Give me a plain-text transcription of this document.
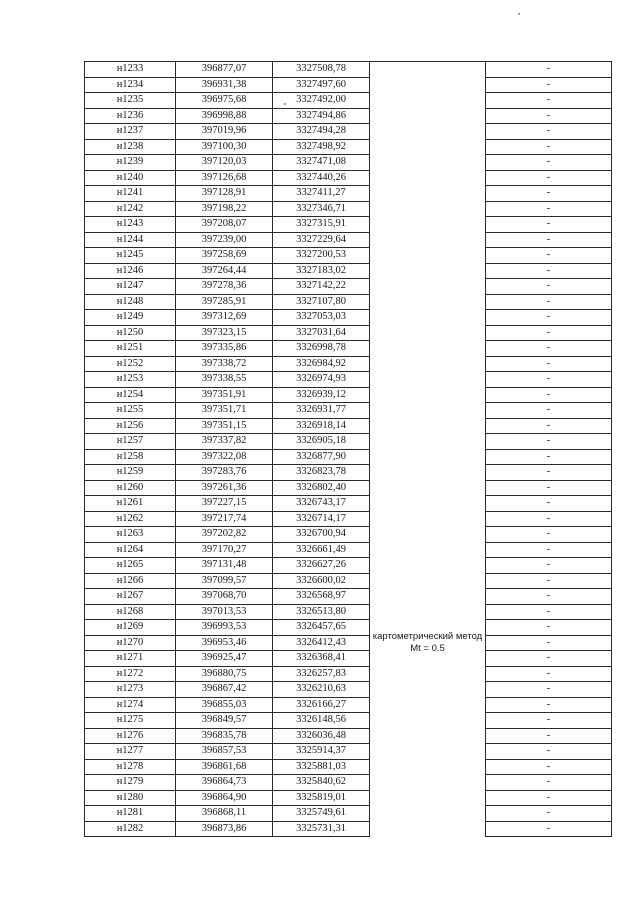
н1233	396877,07	3327508,78		-
н1234	396931,38	3327497,60		-
н1235	396975,68	3327492,00		-
н1236	396998,88	3327494,86		-
н1237	397019,96	3327494,28		-
н1238	397100,30	3327498,92		-
н1239	397120,03	3327471,08		-
н1240	397126,68	3327440,26		-
н1241	397128,91	3327411,27		-
н1242	397198,22	3327346,71		-
н1243	397208,07	3327315,91		-
н1244	397239,00	3327229,64		-
н1245	397258,69	3327200,53		-
н1246	397264,44	3327183,02		-
н1247	397278,36	3327142,22		-
н1248	397285,91	3327107,80		-
н1249	397312,69	3327053,03		-
н1250	397323,15	3327031,64		-
н1251	397335,86	3326998,78		-
н1252	397338,72	3326984,92		-
н1253	397338,55	3326974,93		-
н1254	397351,91	3326939,12		-
н1255	397351,71	3326931,77		-
н1256	397351,15	3326918,14		-
н1257	397337,82	3326905,18		-
н1258	397322,08	3326877,90	картометрический метод Mt = 0.5	-
н1259	397283,76	3326823,78		-
н1260	397261,36	3326802,40		-
н1261	397227,15	3326743,17		-
н1262	397217,74	3326714,17		-
н1263	397202,82	3326700,94		-
н1264	397170,27	3326661,49		-
н1265	397131,48	3326627,26		-
н1266	397099,57	3326600,02		-
н1267	397068,70	3326568,97		-
н1268	397013,53	3326513,80		-
н1269	396993,53	3326457,65		-
н1270	396953,46	3326412,43		-
н1271	396925,47	3326368,41		-
н1272	396880,75	3326257,83		-
н1273	396867,42	3326210,63		-
н1274	396855,03	3326166,27		-
н1275	396849,57	3326148,56		-
н1276	396835,78	3326036,48		-
н1277	396857,53	3325914,37		-
н1278	396861,68	3325881,03		-
н1279	396864,73	3325840,62		-
н1280	396864,90	3325819,01		-
н1281	396868,11	3325749,61		-
н1282	396873,86	3325731,31		-
